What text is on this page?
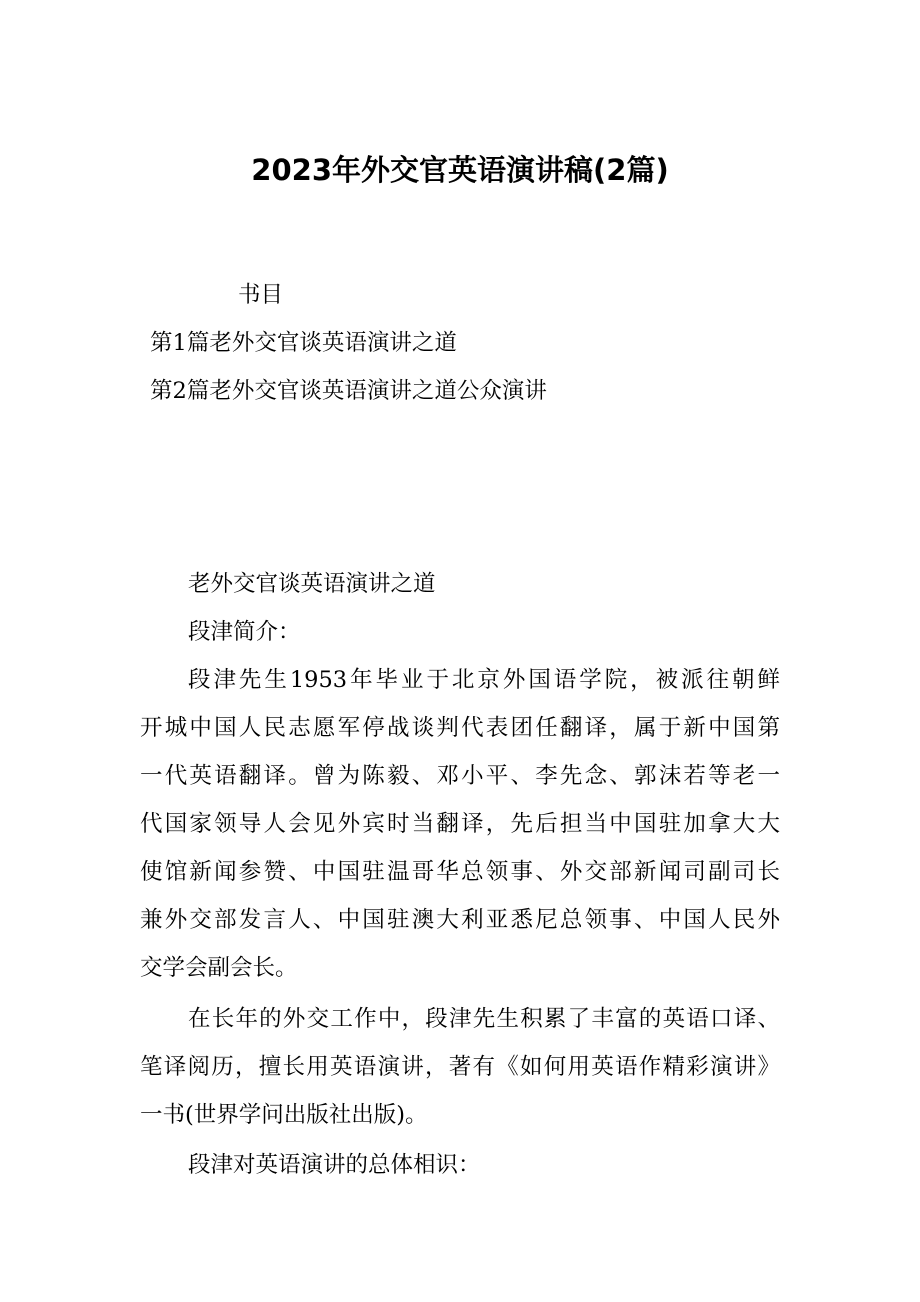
2023年外交官英语演讲稿(2篇)
书目
第1篇老外交官谈英语演讲之道
第2篇老外交官谈英语演讲之道公众演讲
老外交官谈英语演讲之道
段津简介：
段津先生1953年毕业于北京外国语学院，被派往朝鲜
开城中国人民志愿军停战谈判代表团任翻译，属于新中国第
一代英语翻译。曾为陈毅、邓小平、李先念、郭沫若等老一
代国家领导人会见外宾时当翻译，先后担当中国驻加拿大大
使馆新闻参赞、中国驻温哥华总领事、外交部新闻司副司长
兼外交部发言人、中国驻澳大利亚悉尼总领事、中国人民外
交学会副会长。
在长年的外交工作中，段津先生积累了丰富的英语口译、
笔译阅历，擅长用英语演讲，著有《如何用英语作精彩演讲》
一书(世界学问出版社出版)。
段津对英语演讲的总体相识：
